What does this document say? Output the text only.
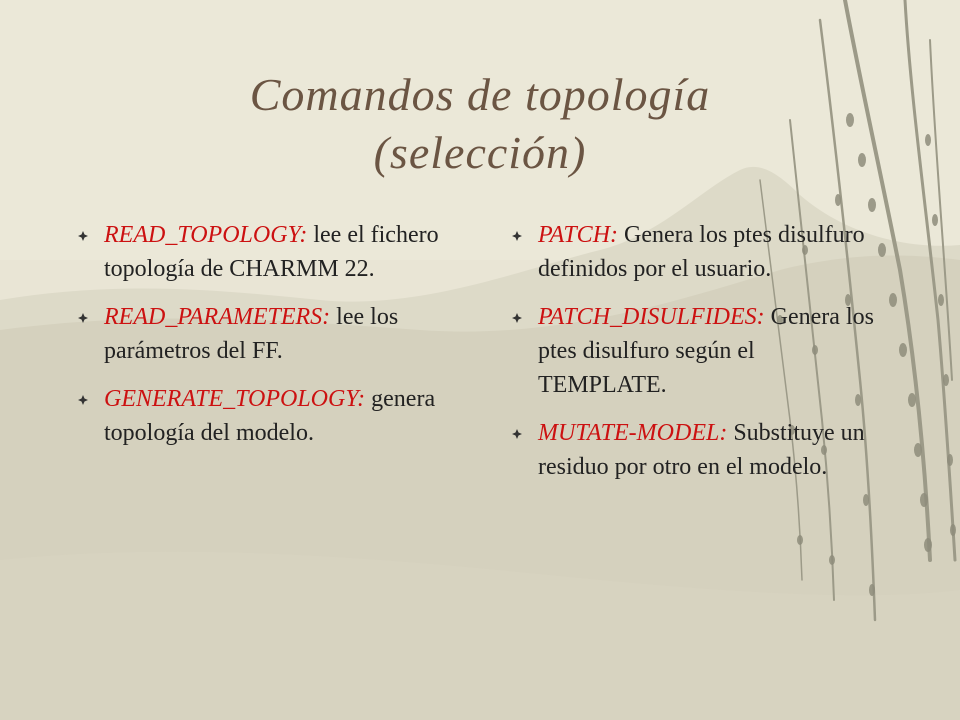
Comandos de topología
(selección)
READ_TOPOLOGY: lee el fichero topología de CHARMM 22.
READ_PARAMETERS: lee los parámetros del FF.
GENERATE_TOPOLOGY: genera topología del modelo.
PATCH: Genera los ptes disulfuro definidos por el usuario.
PATCH_DISULFIDES: Genera los ptes disulfuro según el TEMPLATE.
MUTATE-MODEL: Substituye un residuo por otro en el modelo.
